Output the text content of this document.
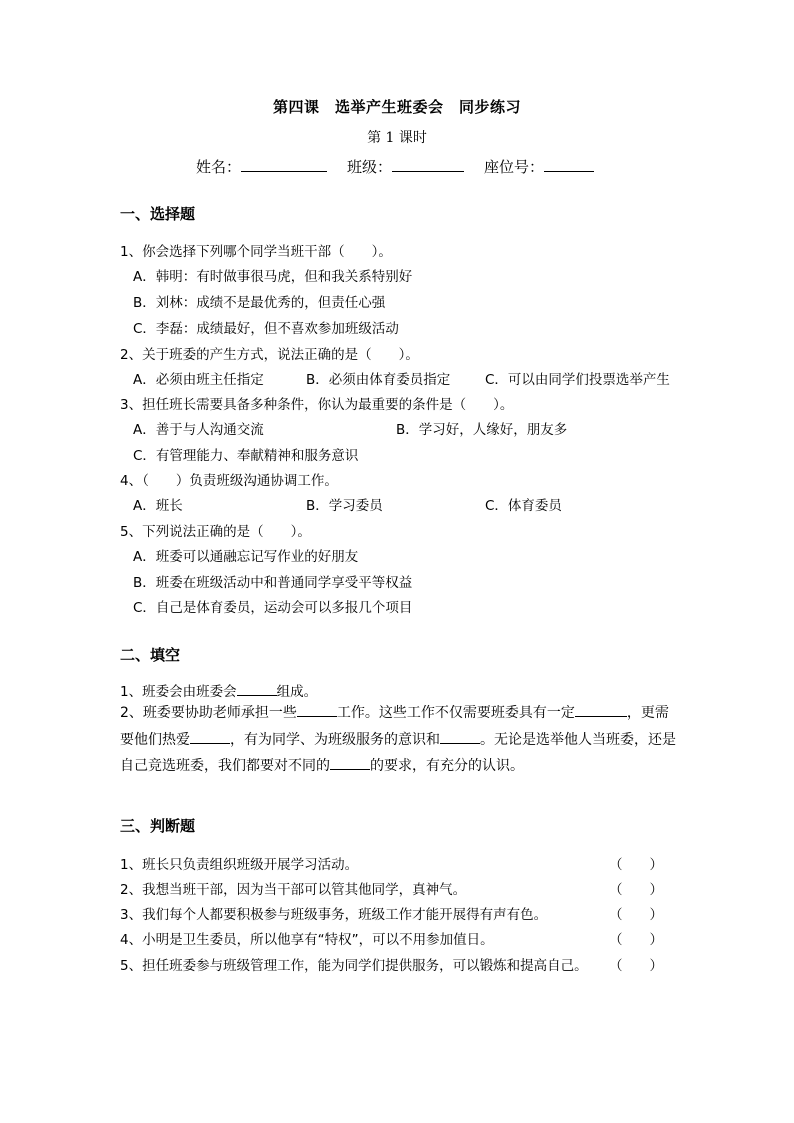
第四课　选举产生班委会　同步练习
第 1 课时
姓名：	班级：	座位号：
一、选择题
1、你会选择下列哪个同学当班干部（　　）。
A．韩明：有时做事很马虎，但和我关系特别好
B．刘林：成绩不是最优秀的，但责任心强
C．李磊：成绩最好，但不喜欢参加班级活动
2、关于班委的产生方式，说法正确的是（　　）。
A．必须由班主任指定	B．必须由体育委员指定	C．可以由同学们投票选举产生
3、担任班长需要具备多种条件，你认为最重要的条件是（　　）。
A．善于与人沟通交流	B．学习好，人缘好，朋友多
C．有管理能力、奉献精神和服务意识
4、（　　）负责班级沟通协调工作。
A．班长	B．学习委员	C．体育委员
5、下列说法正确的是（　　）。
A．班委可以通融忘记写作业的好朋友
B．班委在班级活动中和普通同学享受平等权益
C．自己是体育委员，运动会可以多报几个项目
二、填空
1、班委会由班委会	组成。
2、班委要协助老师承担一些	工作。这些工作不仅需要班委具有一定	，更需要他们热爱	，有为同学、为班级服务的意识和	。无论是选举他人当班委，还是自己竞选班委，我们都要对不同的	的要求，有充分的认识。
三、判断题
1、班长只负责组织班级开展学习活动。	（　　）
2、我想当班干部，因为当干部可以管其他同学，真神气。	（　　）
3、我们每个人都要积极参与班级事务，班级工作才能开展得有声有色。	（　　）
4、小明是卫生委员，所以他享有“特权”，可以不用参加值日。	（　　）
5、担任班委参与班级管理工作，能为同学们提供服务，可以锻炼和提高自己。 （　　）
